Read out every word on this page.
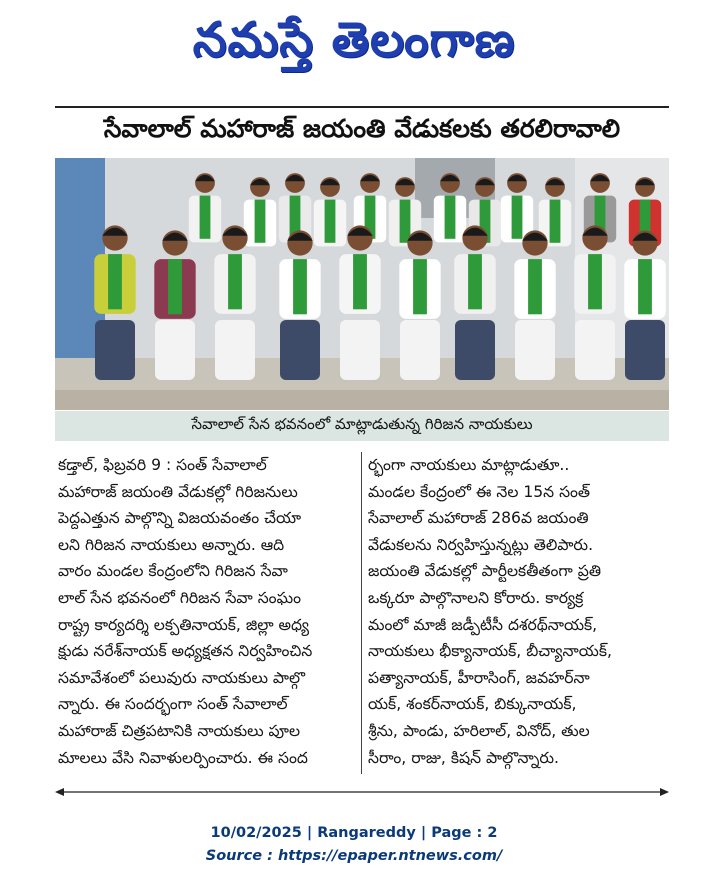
నమస్తే తెలంగాణ
సేవాలాల్ మహారాజ్ జయంతి వేడుకలకు తరలిరావాలి
సేవాలాల్ సేన భవనంలో మాట్లాడుతున్న గిరిజన నాయకులు
కడ్తాల్, ఫిబ్రవరి 9 : సంత్ సేవాలాల్
మహారాజ్ జయంతి వేడుకల్లో గిరిజనులు
పెద్దఎత్తున పాల్గొన్ని విజయవంతం చేయా
లని గిరిజన నాయకులు అన్నారు. ఆది
వారం మండల కేంద్రంలోని గిరిజన సేవా
లాల్ సేన భవనంలో గిరిజన సేవా సంఘం
రాష్ట్ర కార్యదర్శి లక్పతినాయక్, జిల్లా అధ్య
క్షుడు నరేశ్‌నాయక్ అధ్యక్షతన నిర్వహించిన
సమావేశంలో పలువురు నాయకులు పాల్గొ
న్నారు. ఈ సందర్భంగా సంత్ సేవాలాల్
మహారాజ్ చిత్రపటానికి నాయకులు పూల
మాలలు వేసి నివాళులర్పించారు. ఈ సంద
ర్భంగా నాయకులు మాట్లాడుతూ..
మండల కేంద్రంలో ఈ నెల 15న సంత్
సేవాలాల్ మహారాజ్ 286వ జయంతి
వేడుకలను నిర్వహిస్తున్నట్లు తెలిపారు.
జయంతి వేడుకల్లో పార్టీలకతీతంగా ప్రతి
ఒక్కరూ పాల్గొనాలని కోరారు. కార్యక్ర
మంలో మాజీ జడ్పీటీసీ దశరథ్‌నాయక్,
నాయకులు భీక్యానాయక్, బీచ్యానాయక్,
పత్యానాయక్, హీరాసింగ్, జవహర్‌నా
యక్, శంకర్‌నాయక్, బిక్కునాయక్,
శ్రీను, పాండు, హరిలాల్, వినోద్, తుల
సీరాం, రాజు, కిషన్ పాల్గొన్నారు.
10/02/2025 | Rangareddy | Page : 2
Source : https://epaper.ntnews.com/
